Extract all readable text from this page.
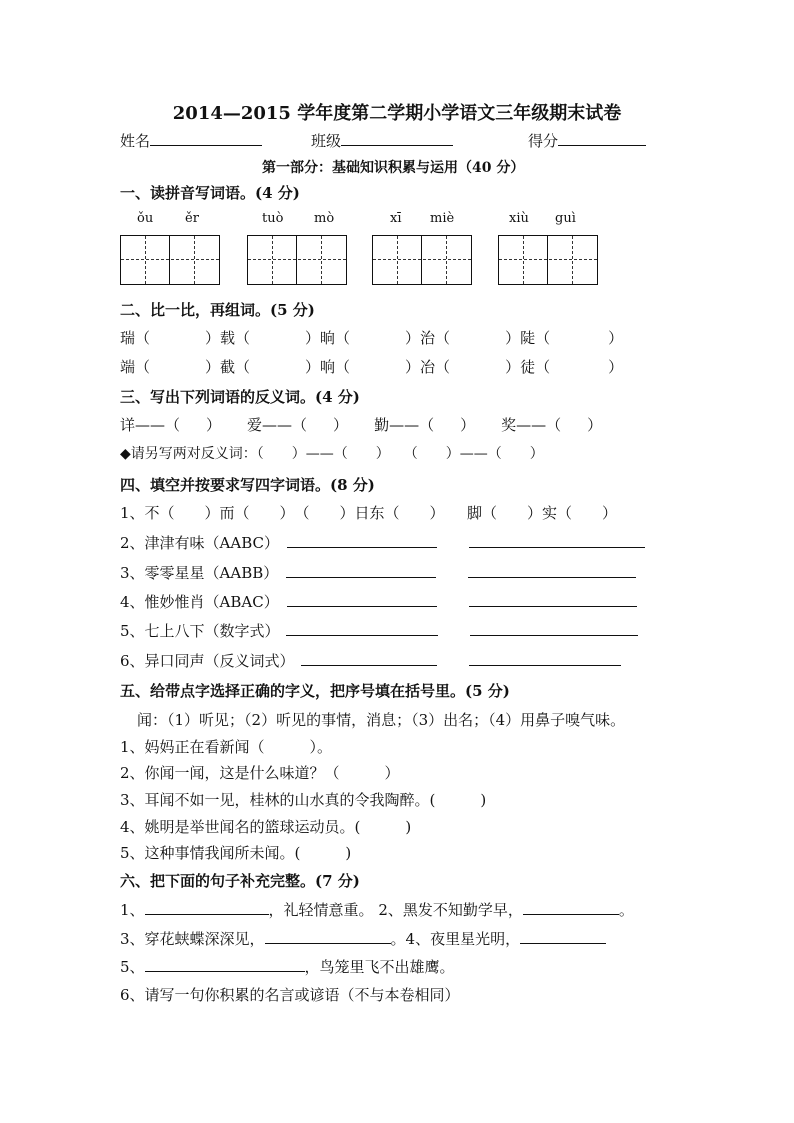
2014—2015 学年度第二学期小学语文三年级期末试卷
姓名	班级	得分
第一部分：基础知识积累与运用（40 分）
一、读拼音写词语。(4 分)
ǒu ěr	tuò mò	xī miè	xiù guì
二、比一比，再组词。(5 分)
瑞（	）载（	）晌（	）治（	）陡（	）
端（	）截（	）响（	）冶（	）徒（	）
三、写出下列词语的反义词。(4 分)
详——（ ） 爱——（ ） 勤——（ ） 奖——（ ）
◆请另写两对反义词：（　　）——（　　）　　（　　）——（　　）
四、填空并按要求写四字词语。(8 分)
1、不（　　）而（　　）　（　　）日东（　　）　　脚（　　）实（　　）
2、津津有味（AABC）
3、零零星星（AABB）
4、惟妙惟肖（ABAC）
5、七上八下（数字式）
6、异口同声（反义词式）
五、给带点字选择正确的字义，把序号填在括号里。(5 分)
闻：（1）听见；（2）听见的事情，消息；（3）出名；（4）用鼻子嗅气味。
1、妈妈正在看新闻（　　　）。
2、你闻一闻，这是什么味道？（　　　）
3、耳闻不如一见，桂林的山水真的令我陶醉。(　　　)
4、姚明是举世闻名的篮球运动员。(　　　)
5、这种事情我闻所未闻。(　　　)
六、把下面的句子补充完整。(7 分)
1、	，礼轻情意重。 2、黑发不知勤学早，	。
3、穿花蛱蝶深深见，	。4、夜里星光明，
5、	，鸟笼里飞不出雄鹰。
6、请写一句你积累的名言或谚语（不与本卷相同）
